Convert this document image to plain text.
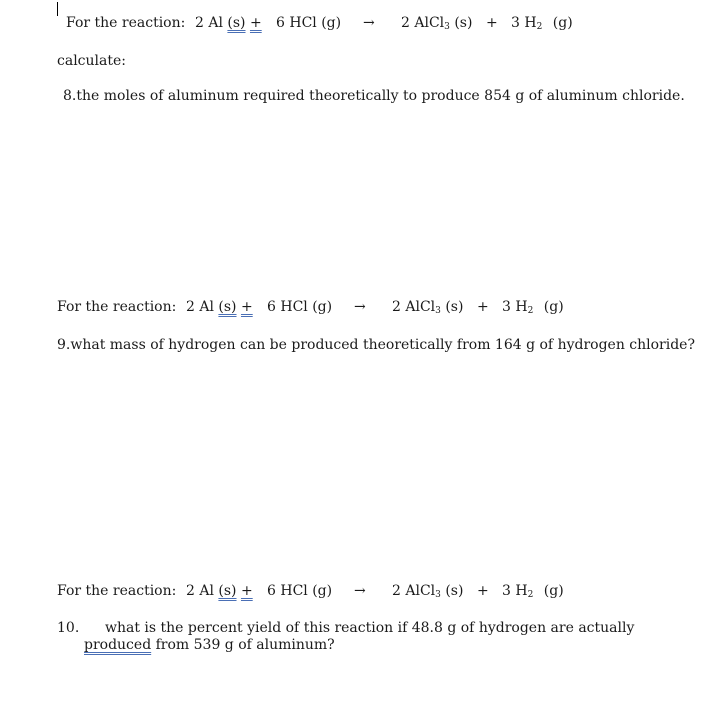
For the reaction: 2 Al (s) + 6 HCl (g) → 2 AlCl$_3$ (s) + 3 $H_2$ (g)
calculate:
8.the moles of aluminum required theoretically to produce 854 g of aluminum chloride.
For the reaction: 2 Al (s) + 6 HCl (g) → 2 AlCl$_3$ (s) + 3 $H_2$ (g)
9.what mass of hydrogen can be produced theoretically from 164 g of hydrogen chloride?
For the reaction: 2 Al (s) + 6 HCl (g) → 2 AlCl$_3$ (s) + 3 $H_2$ (g)
10.	what is the percent yield of this reaction if 48.8 g of hydrogen are actually produced from 539 g of aluminum?
